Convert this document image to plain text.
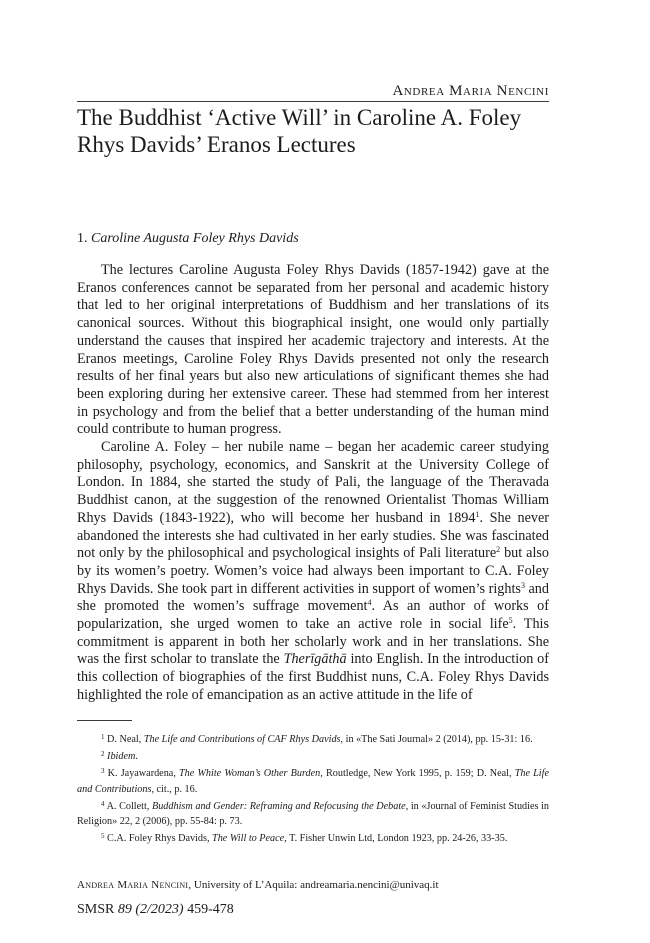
Andrea Maria Nencini
The Buddhist ‘Active Will’ in Caroline A. Foley Rhys Davids’ Eranos Lectures
1. Caroline Augusta Foley Rhys Davids

The lectures Caroline Augusta Foley Rhys Davids (1857-1942) gave at the Eranos conferences cannot be separated from her personal and academic history that led to her original interpretations of Buddhism and her translations of its canonical sources. Without this biographical insight, one would only partially understand the causes that inspired her academic trajectory and interests. At the Eranos meetings, Caroline Foley Rhys Davids presented not only the research results of her final years but also new articulations of significant themes she had been exploring during her extensive career. These had stemmed from her interest in psychology and from the belief that a better understanding of the human mind could contribute to human progress.

Caroline A. Foley – her nubile name – began her academic career studying philosophy, psychology, economics, and Sanskrit at the University College of London. In 1884, she started the study of Pali, the language of the Theravada Buddhist canon, at the suggestion of the renowned Orientalist Thomas William Rhys Davids (1843-1922), who will become her husband in 1894$^1$. She never abandoned the interests she had cultivated in her early studies. She was fascinated not only by the philosophical and psychological insights of Pali literature$^2$ but also by its women’s poetry. Women’s voice had always been important to C.A. Foley Rhys Davids. She took part in different activities in support of women’s rights$^3$ and she promoted the women’s suffrage movement$^4$. As an author of works of popularization, she urged women to take an active role in social life$^5$. This commitment is apparent in both her scholarly work and in her translations. She was the first scholar to translate the Therīgāthā into English. In the introduction of this collection of biographies of the first Buddhist nuns, C.A. Foley Rhys Davids highlighted the role of emancipation as an active attitude in the life of

$^1$ D. Neal, The Life and Contributions of CAF Rhys Davids, in «The Sati Journal» 2 (2014), pp. 15-31: 16.

$^2$ Ibidem.

$^3$ K. Jayawardena, The White Woman’s Other Burden, Routledge, New York 1995, p. 159; D. Neal, The Life and Contributions, cit., p. 16.

$^4$ A. Collett, Buddhism and Gender: Reframing and Refocusing the Debate, in «Journal of Feminist Studies in Religion» 22, 2 (2006), pp. 55-84: p. 73.

$^5$ C.A. Foley Rhys Davids, The Will to Peace, T. Fisher Unwin Ltd, London 1923, pp. 24-26, 33-35.

Andrea Maria Nencini, University of L’Aquila: andreamaria.nencini@univaq.it
SMSR 89 (2/2023) 459-478
